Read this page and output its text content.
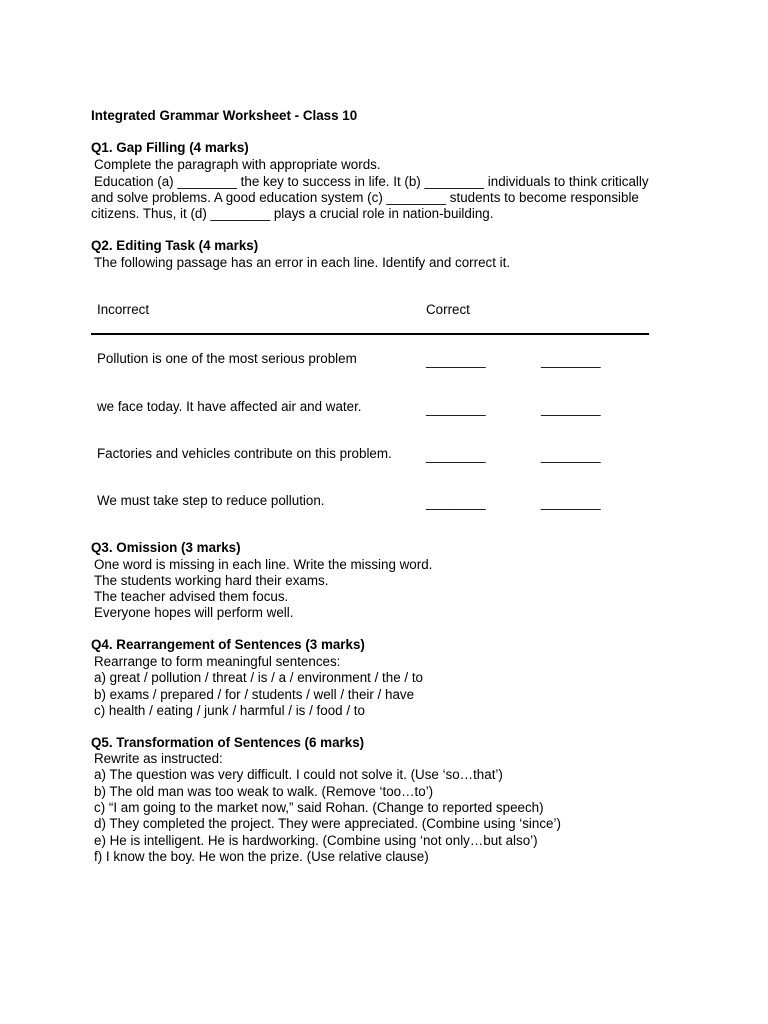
Integrated Grammar Worksheet - Class 10
Q1. Gap Filling (4 marks)
Complete the paragraph with appropriate words.
Education (a) ________ the key to success in life. It (b) ________ individuals to think critically
and solve problems. A good education system (c) ________ students to become responsible
citizens. Thus, it (d) ________ plays a crucial role in nation-building.
Q2. Editing Task (4 marks)
The following passage has an error in each line. Identify and correct it.
Incorrect	Correct
Pollution is one of the most serious problem	________	________
we face today. It have affected air and water.	________	________
Factories and vehicles contribute on this problem.	________	________
We must take step to reduce pollution.	________	________
Q3. Omission (3 marks)
One word is missing in each line. Write the missing word.
The students working hard their exams.
The teacher advised them focus.
Everyone hopes will perform well.
Q4. Rearrangement of Sentences (3 marks)
Rearrange to form meaningful sentences:
a) great / pollution / threat / is / a / environment / the / to
b) exams / prepared / for / students / well / their / have
c) health / eating / junk / harmful / is / food / to
Q5. Transformation of Sentences (6 marks)
Rewrite as instructed:
a) The question was very difficult. I could not solve it. (Use ‘so…that’)
b) The old man was too weak to walk. (Remove ‘too…to’)
c) “I am going to the market now,” said Rohan. (Change to reported speech)
d) They completed the project. They were appreciated. (Combine using ‘since’)
e) He is intelligent. He is hardworking. (Combine using ‘not only…but also’)
f) I know the boy. He won the prize. (Use relative clause)
